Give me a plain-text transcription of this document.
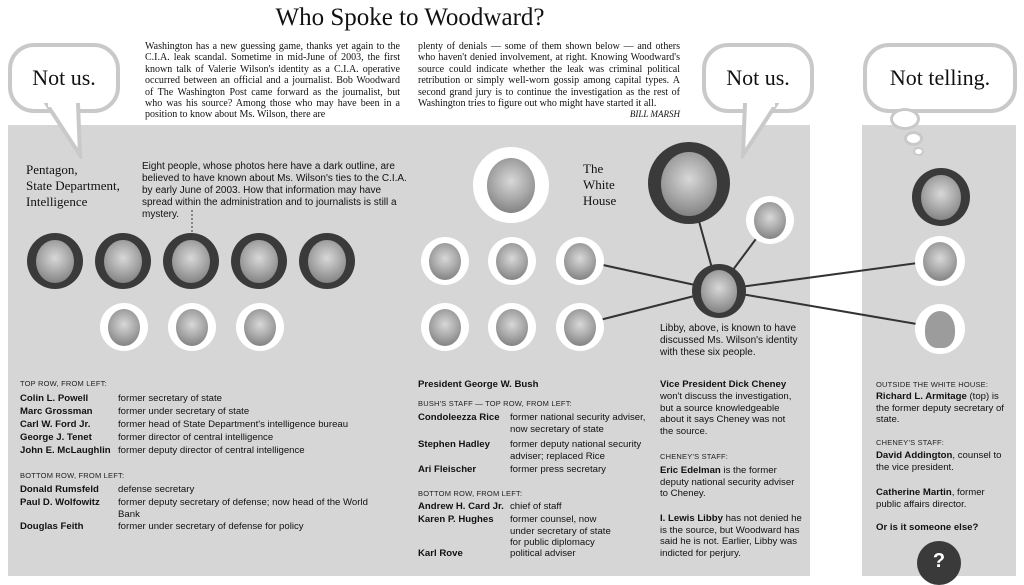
Who Spoke to Woodward?
Washington has a new guessing game, thanks yet again to the C.I.A. leak scandal. Sometime in mid-June of 2003, the first known talk of Valerie Wilson's identity as a C.I.A. operative occurred between an official and a journalist. Bob Woodward of The Washington Post came forward as the journalist, but who was his source? Among those who may have been in a position to know about Ms. Wilson, there are
plenty of denials — some of them shown below — and others who haven't denied involvement, at right. Knowing Woodward's source could indicate whether the leak was criminal political retribution or simply well-worn gossip among capital types. A second grand jury is to continue the investigation as the rest of Washington tries to figure out who might have started it all.
BILL MARSH
Not us.	Not us.	Not telling.
Pentagon,
State Department,
Intelligence
Eight people, whose photos here have a dark outline, are believed to have known about Ms. Wilson's ties to the C.I.A. by early June of 2003. How that information may have spread within the administration and to journalists is still a mystery.
TOP ROW, FROM LEFT:
Colin L. Powell	former secretary of state
Marc Grossman	former under secretary of state
Carl W. Ford Jr.	former head of State Department's intelligence bureau
George J. Tenet	former director of central intelligence
John E. McLaughlin former deputy director of central intelligence
BOTTOM ROW, FROM LEFT:
Donald Rumsfeld defense secretary
Paul D. Wolfowitz former deputy secretary of defense; now head of the World Bank
Douglas Feith	former under secretary of defense for policy
The
White
House
Libby, above, is known to have discussed Ms. Wilson's identity with these six people.
President George W. Bush
BUSH'S STAFF — TOP ROW, FROM LEFT:
Condoleezza Rice former national security adviser, now secretary of state
Stephen Hadley former deputy national security adviser; replaced Rice
Ari Fleischer	former press secretary
BOTTOM ROW, FROM LEFT:
Andrew H. Card Jr. chief of staff
Karen P. Hughes former counsel, now under secretary of state for public diplomacy
Karl Rove	political adviser
Vice President Dick Cheney
won't discuss the investigation, but a source knowledgeable about it says Cheney was not the source.
CHENEY'S STAFF:
Eric Edelman is the former deputy national security adviser to Cheney.
I. Lewis Libby has not denied he is the source, but Woodward has said he is not. Earlier, Libby was indicted for perjury.
OUTSIDE THE WHITE HOUSE:
Richard L. Armitage (top) is the former deputy secretary of state.
CHENEY'S STAFF:
David Addington, counsel to the vice president.
Catherine Martin, former public affairs director.
Or is it someone else?
?
